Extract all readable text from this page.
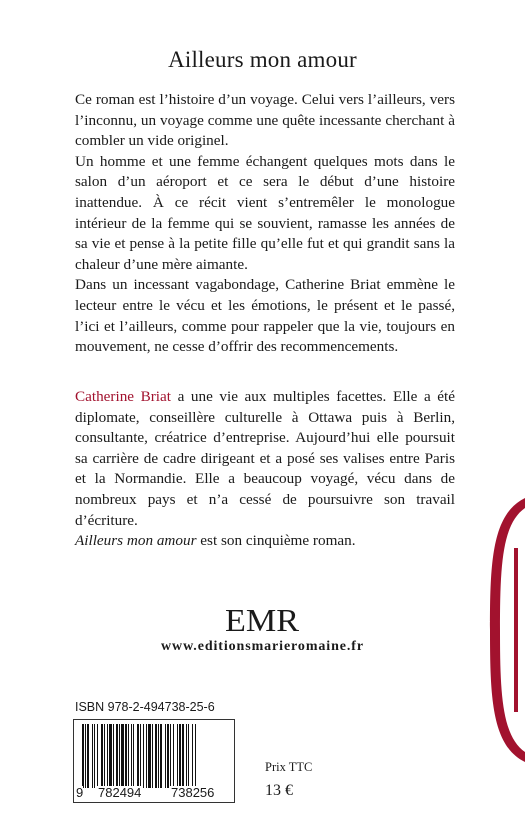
Ailleurs mon amour

Ce roman est l’histoire d’un voyage. Celui vers l’ailleurs, vers l’inconnu, un voyage comme une quête incessante cherchant à combler un vide originel.

Un homme et une femme échangent quelques mots dans le salon d’un aéroport et ce sera le début d’une histoire inattendue. À ce récit vient s’entremêler le monologue intérieur de la femme qui se souvient, ramasse les années de sa vie et pense à la petite fille qu’elle fut et qui grandit sans la chaleur d’une mère aimante.

Dans un incessant vagabondage, Catherine Briat emmène le lecteur entre le vécu et les émotions, le présent et le passé, l’ici et l’ailleurs, comme pour rappeler que la vie, toujours en mouvement, ne cesse d’offrir des recommencements.

Catherine Briat a une vie aux multiples facettes. Elle a été diplomate, conseillère culturelle à Ottawa puis à Berlin, consultante, créatrice d’entreprise. Aujourd’hui elle poursuit sa carrière de cadre dirigeant et a posé ses valises entre Paris et la Normandie. Elle a beaucoup voyagé, vécu dans de nombreux pays et n’a cessé de poursuivre son travail d’écriture.

Ailleurs mon amour est son cinquième roman.

EMR
www.editionsmarieromaine.fr
ISBN 978-2-494738-25-6
9 782494 738256
Prix TTC
13 €
